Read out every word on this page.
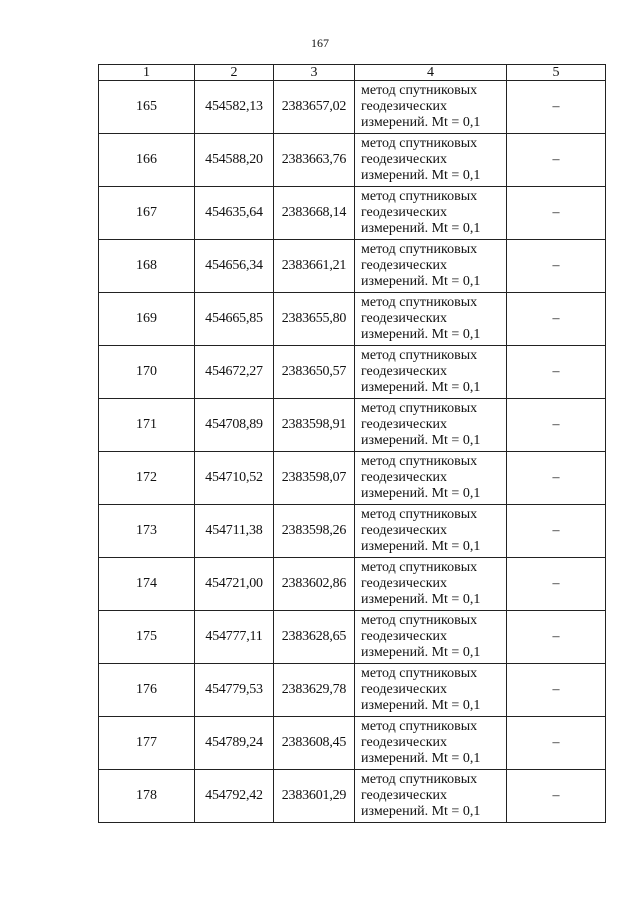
167
1	2	3	4	5
165	454582,13	2383657,02	метод спутниковых
геодезических
измерений. Mt = 0,1	–
166	454588,20	2383663,76	метод спутниковых
геодезических
измерений. Mt = 0,1	–
167	454635,64	2383668,14	метод спутниковых
геодезических
измерений. Mt = 0,1	–
168	454656,34	2383661,21	метод спутниковых
геодезических
измерений. Mt = 0,1	–
169	454665,85	2383655,80	метод спутниковых
геодезических
измерений. Mt = 0,1	–
170	454672,27	2383650,57	метод спутниковых
геодезических
измерений. Mt = 0,1	–
171	454708,89	2383598,91	метод спутниковых
геодезических
измерений. Mt = 0,1	–
172	454710,52	2383598,07	метод спутниковых
геодезических
измерений. Mt = 0,1	–
173	454711,38	2383598,26	метод спутниковых
геодезических
измерений. Mt = 0,1	–
174	454721,00	2383602,86	метод спутниковых
геодезических
измерений. Mt = 0,1	–
175	454777,11	2383628,65	метод спутниковых
геодезических
измерений. Mt = 0,1	–
176	454779,53	2383629,78	метод спутниковых
геодезических
измерений. Mt = 0,1	–
177	454789,24	2383608,45	метод спутниковых
геодезических
измерений. Mt = 0,1	–
178	454792,42	2383601,29	метод спутниковых
геодезических
измерений. Mt = 0,1	–
